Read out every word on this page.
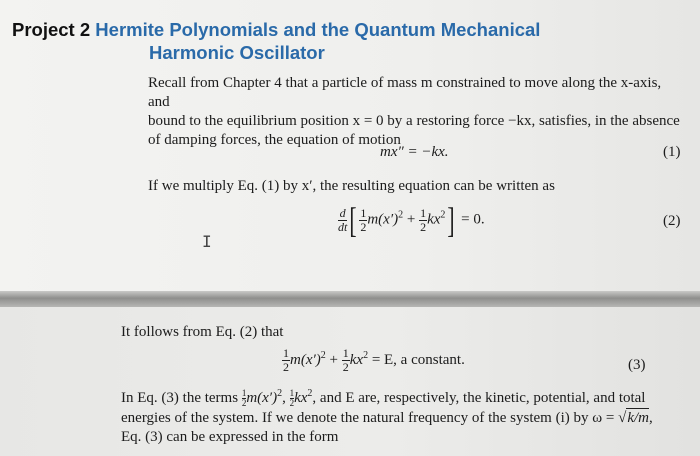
Project 2 Hermite Polynomials and the Quantum Mechanical
Harmonic Oscillator
Recall from Chapter 4 that a particle of mass m constrained to move along the x-axis, and
bound to the equilibrium position x = 0 by a restoring force −kx, satisfies, in the absence
of damping forces, the equation of motion
mx″ = −kx.	(1)
If we multiply Eq. (1) by x′, the resulting equation can be written as
$\frac{d}{dt}$ [ $\frac{1}{2} m(x')^2 + \frac{1}{2} kx^2] = 0$.	(2)
I
It follows from Eq. (2) that
$\frac{1}{2} m(x')^2 + \frac{1}{2} kx^2 = E$, a constant.	(3)
In Eq. (3) the terms $\frac{1}{2} m(x')^2$, $\frac{1}{2} kx^2$, and E are, respectively, the kinetic, potential, and total
energies of the system. If we denote the natural frequency of the system (i) by ω = √k/m,
Eq. (3) can be expressed in the form
